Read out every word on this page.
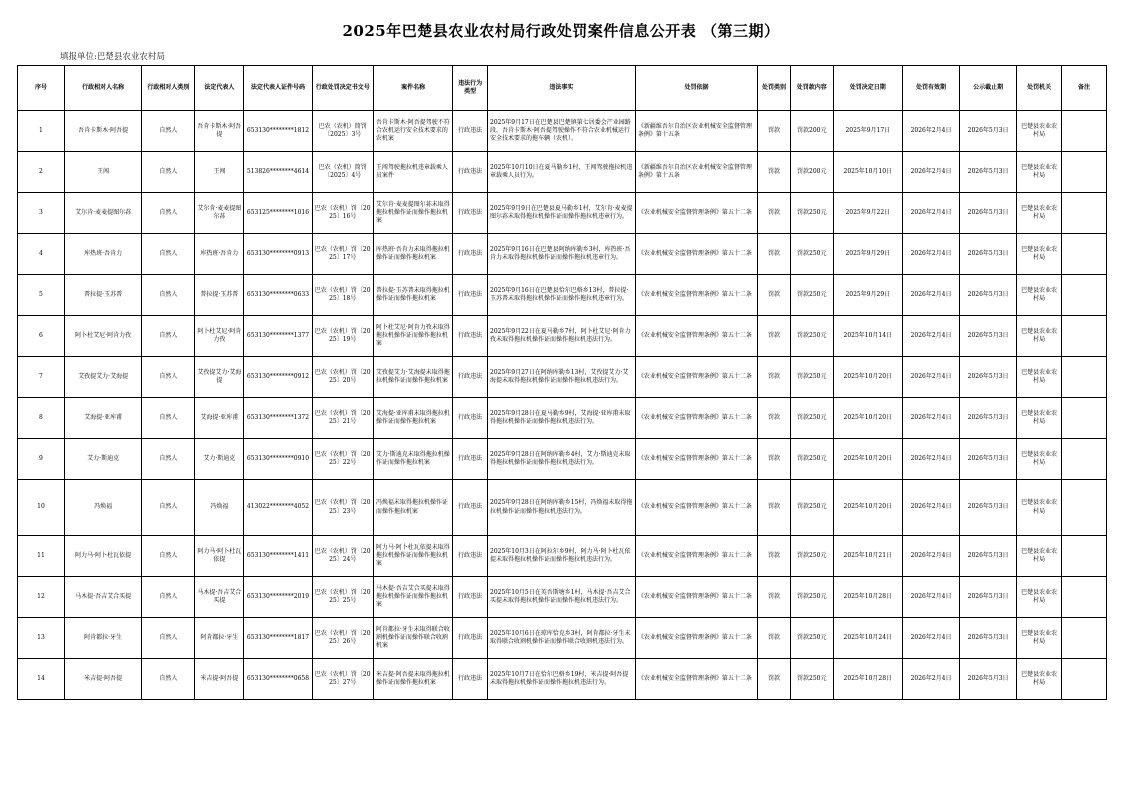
2025年巴楚县农业农村局行政处罚案件信息公开表 （第三期）
填报单位:巴楚县农业农村局
序号	行政相对人名称	行政相对人类别	法定代表人	法定代表人证件号码	行政处罚决定书文号	案件名称	违法行为类型	违法事实	处罚依据	处罚类别	处罚款内容	处罚决定日期	处罚有效期	公示截止期	处罚机关	备注
1	吾肯卡斯木·阿吾提	自然人	吾肯卡斯木·阿吾提	653130********1812	巴农（农机）简罚〔2025〕3号	吾肯卡斯木·阿吾提驾驶不符合农机运行安全技术要求的农机案	行政违法	2025年9月17日在巴楚县巴楚镇第七居委会产业园路段，吾肯卡斯木·阿吾提驾驶操作不符合农业机械运行安全技术要求的拖车辆（农机）。	《新疆维吾尔自治区农业机械安全监督管理条例》第十五条	罚款	罚款200元	2025年9月17日	2026年2月4日	2026年5月3日	巴楚县农业农村局	
2	王闯	自然人	王闯	513826********4614	巴农（农机）简罚〔2025〕4号	王闯驾驶拖拉机违章载乘人员案件	行政违法	2025年10月10日在夏马勒乡1村，王闯驾驶拖拉机违章载乘人员行为。	《新疆维吾尔自治区农业机械安全监督管理条例》第十五条	罚款	罚款200元	2025年10月10日	2026年2月4日	2026年5月3日	巴楚县农业农村局	
3	艾尔肯·麦麦提图尔荪	自然人	艾尔肯·麦麦提图尔荪	653125********1016	巴农（农机）罚〔2025〕16号	艾尔肯·麦麦提图尔荪未取得拖拉机操作证而操作拖拉机案	行政违法	2025年9月9日在巴楚县夏马勒乡1村，艾尔肯·麦麦提图尔荪未取得拖拉机操作证而操作拖拉机违章行为。	《农业机械安全监督管理条例》第五十二条	罚款	罚款250元	2025年9月22日	2026年2月4日	2026年5月3日	巴楚县农业农村局	
4	库热班·吾肯力	自然人	库热班·吾肯力	653130********0913	巴农（农机）罚〔2025〕17号	库热班·吾肯力未取得拖拉机操作证而操作拖拉机案	行政违法	2025年9月16日在巴楚县阿纳库勒乡3村，库热班·吾肯力未取得拖拉机操作证而操作拖拉机违章行为。	《农业机械安全监督管理条例》第五十二条	罚款	罚款250元	2025年9月29日	2026年2月4日	2026年5月3日	巴楚县农业农村局	
5	普拉提·玉苏普	自然人	普拉提·玉苏普	653130********0633	巴农（农机）罚〔2025〕18号	普拉提·玉苏普未取得拖拉机操作证而操作拖拉机案	行政违法	2025年9月16日在巴楚县恰尔巴格乡13村，普拉提·玉苏普未取得拖拉机操作证而操作拖拉机违章行为。	《农业机械安全监督管理条例》第五十二条	罚款	罚款250元	2025年9月29日	2026年2月4日	2026年5月3日	巴楚县农业农村局	
6	阿卜杜艾尼·阿肯力孜	自然人	阿卜杜艾尼·阿肯力孜	653130********1377	巴农（农机）罚〔2025〕19号	阿卜杜艾尼·阿肯力孜未取得拖拉机操作证而操作拖拉机案	行政违法	2025年9月22日在夏马勒乡7村，阿卜杜艾尼·阿肯力孜未取得拖拉机操作证而操作拖拉机违法行为。	《农业机械安全监督管理条例》第五十二条	罚款	罚款250元	2025年10月14日	2026年2月4日	2026年5月3日	巴楚县农业农村局	
7	艾孜提艾力·艾海提	自然人	艾孜提艾力·艾海提	653130********0912	巴农（农机）罚〔2025〕20号	艾孜提艾力·艾海提未取得拖拉机操作证而操作拖拉机案	行政违法	2025年9月27日在阿纳库勒乡13村，艾孜提艾力·艾海提未取得拖拉机操作证而操作拖拉机违法行为。	《农业机械安全监督管理条例》第五十二条	罚款	罚款250元	2025年10月20日	2026年2月4日	2026年5月3日	巴楚县农业农村局	
8	艾海提·亚库甫	自然人	艾海提·亚库甫	653130********1372	巴农（农机）罚〔2025〕21号	艾海提·亚库甫未取得拖拉机操作证而操作拖拉机案	行政违法	2025年9月28日在夏马勒乡9村，艾海提·亚库甫未取得拖拉机操作证而操作拖拉机违法行为。	《农业机械安全监督管理条例》第五十二条	罚款	罚款250元	2025年10月20日	2026年2月4日	2026年5月3日	巴楚县农业农村局	
9	艾力·斯迪克	自然人	艾力·斯迪克	653130********0910	巴农（农机）罚〔2025〕22号	艾力·斯迪克未取得拖拉机操作证而操作拖拉机案	行政违法	2025年9月28日在阿纳库勒乡4村，艾力·斯迪克未取得拖拉机操作证而操作拖拉机违法行为。	《农业机械安全监督管理条例》第五十二条	罚款	罚款250元	2025年10月20日	2026年2月4日	2026年5月3日	巴楚县农业农村局	
10	冯焕福	自然人	冯焕福	413022********4052	巴农（农机）罚〔2025〕23号	冯焕福未取得拖拉机操作证而操作拖拉机案	行政违法	2025年9月28日在阿纳库勒乡15村，冯焕福未取得拖拉机操作证而操作拖拉机违法行为。	《农业机械安全监督管理条例》第五十二条	罚款	罚款250元	2025年10月20日	2026年2月4日	2026年5月3日	巴楚县农业农村局	
11	阿力马·阿卜杜瓦依提	自然人	阿力马·阿卜杜瓦依提	653130********1411	巴农（农机）罚〔2025〕24号	阿力马·阿卜杜瓦依提未取得拖拉机操作证而操作拖拉机案	行政违法	2025年10月3日在阿拉尔乡9村，阿力马·阿卜杜瓦依提未取得拖拉机操作证而操作拖拉机违法行为。	《农业机械安全监督管理条例》第五十二条	罚款	罚款250元	2025年10月21日	2026年2月4日	2026年5月3日	巴楚县农业农村局	
12	马木提·吾吉艾合买提	自然人	马木提·吾吉艾合买提	653130********2019	巴农（农机）罚〔2025〕25号	马木提·吾吉艾合买提未取得拖拉机操作证而操作拖拉机案	行政违法	2025年10月5日在英吾斯塘乡1村，马木提·吾吉艾合买提未取得拖拉机操作证而操作拖拉机违法行为。	《农业机械安全监督管理条例》第五十二条	罚款	罚款250元	2025年10月28日	2026年2月4日	2026年5月3日	巴楚县农业农村局	
13	阿肯都拉·牙生	自然人	阿肯都拉·牙生	653130********1817	巴农（农机）罚〔2025〕26号	阿肯都拉·牙生未取得联合收割机操作证而操作联合收割机案	行政违法	2025年10月6日在琼库恰克乡3村，阿肯都拉·牙生未取得联合收割机操作证而操作联合收割机违法行为。	《农业机械安全监督管理条例》第五十二条	罚款	罚款250元	2025年10月24日	2026年2月4日	2026年5月3日	巴楚县农业农村局	
14	米吉提·阿吾提	自然人	米吉提·阿吾提	653130********0658	巴农（农机）罚〔2025〕27号	米吉提·阿吾提未取得拖拉机操作证而操作拖拉机案	行政违法	2025年10月7日在恰尔巴格乡19村，米吉提·阿吾提未取得拖拉机操作证而操作拖拉机违法行为。	《农业机械安全监督管理条例》第五十二条	罚款	罚款250元	2025年10月28日	2026年2月4日	2026年5月3日	巴楚县农业农村局	
